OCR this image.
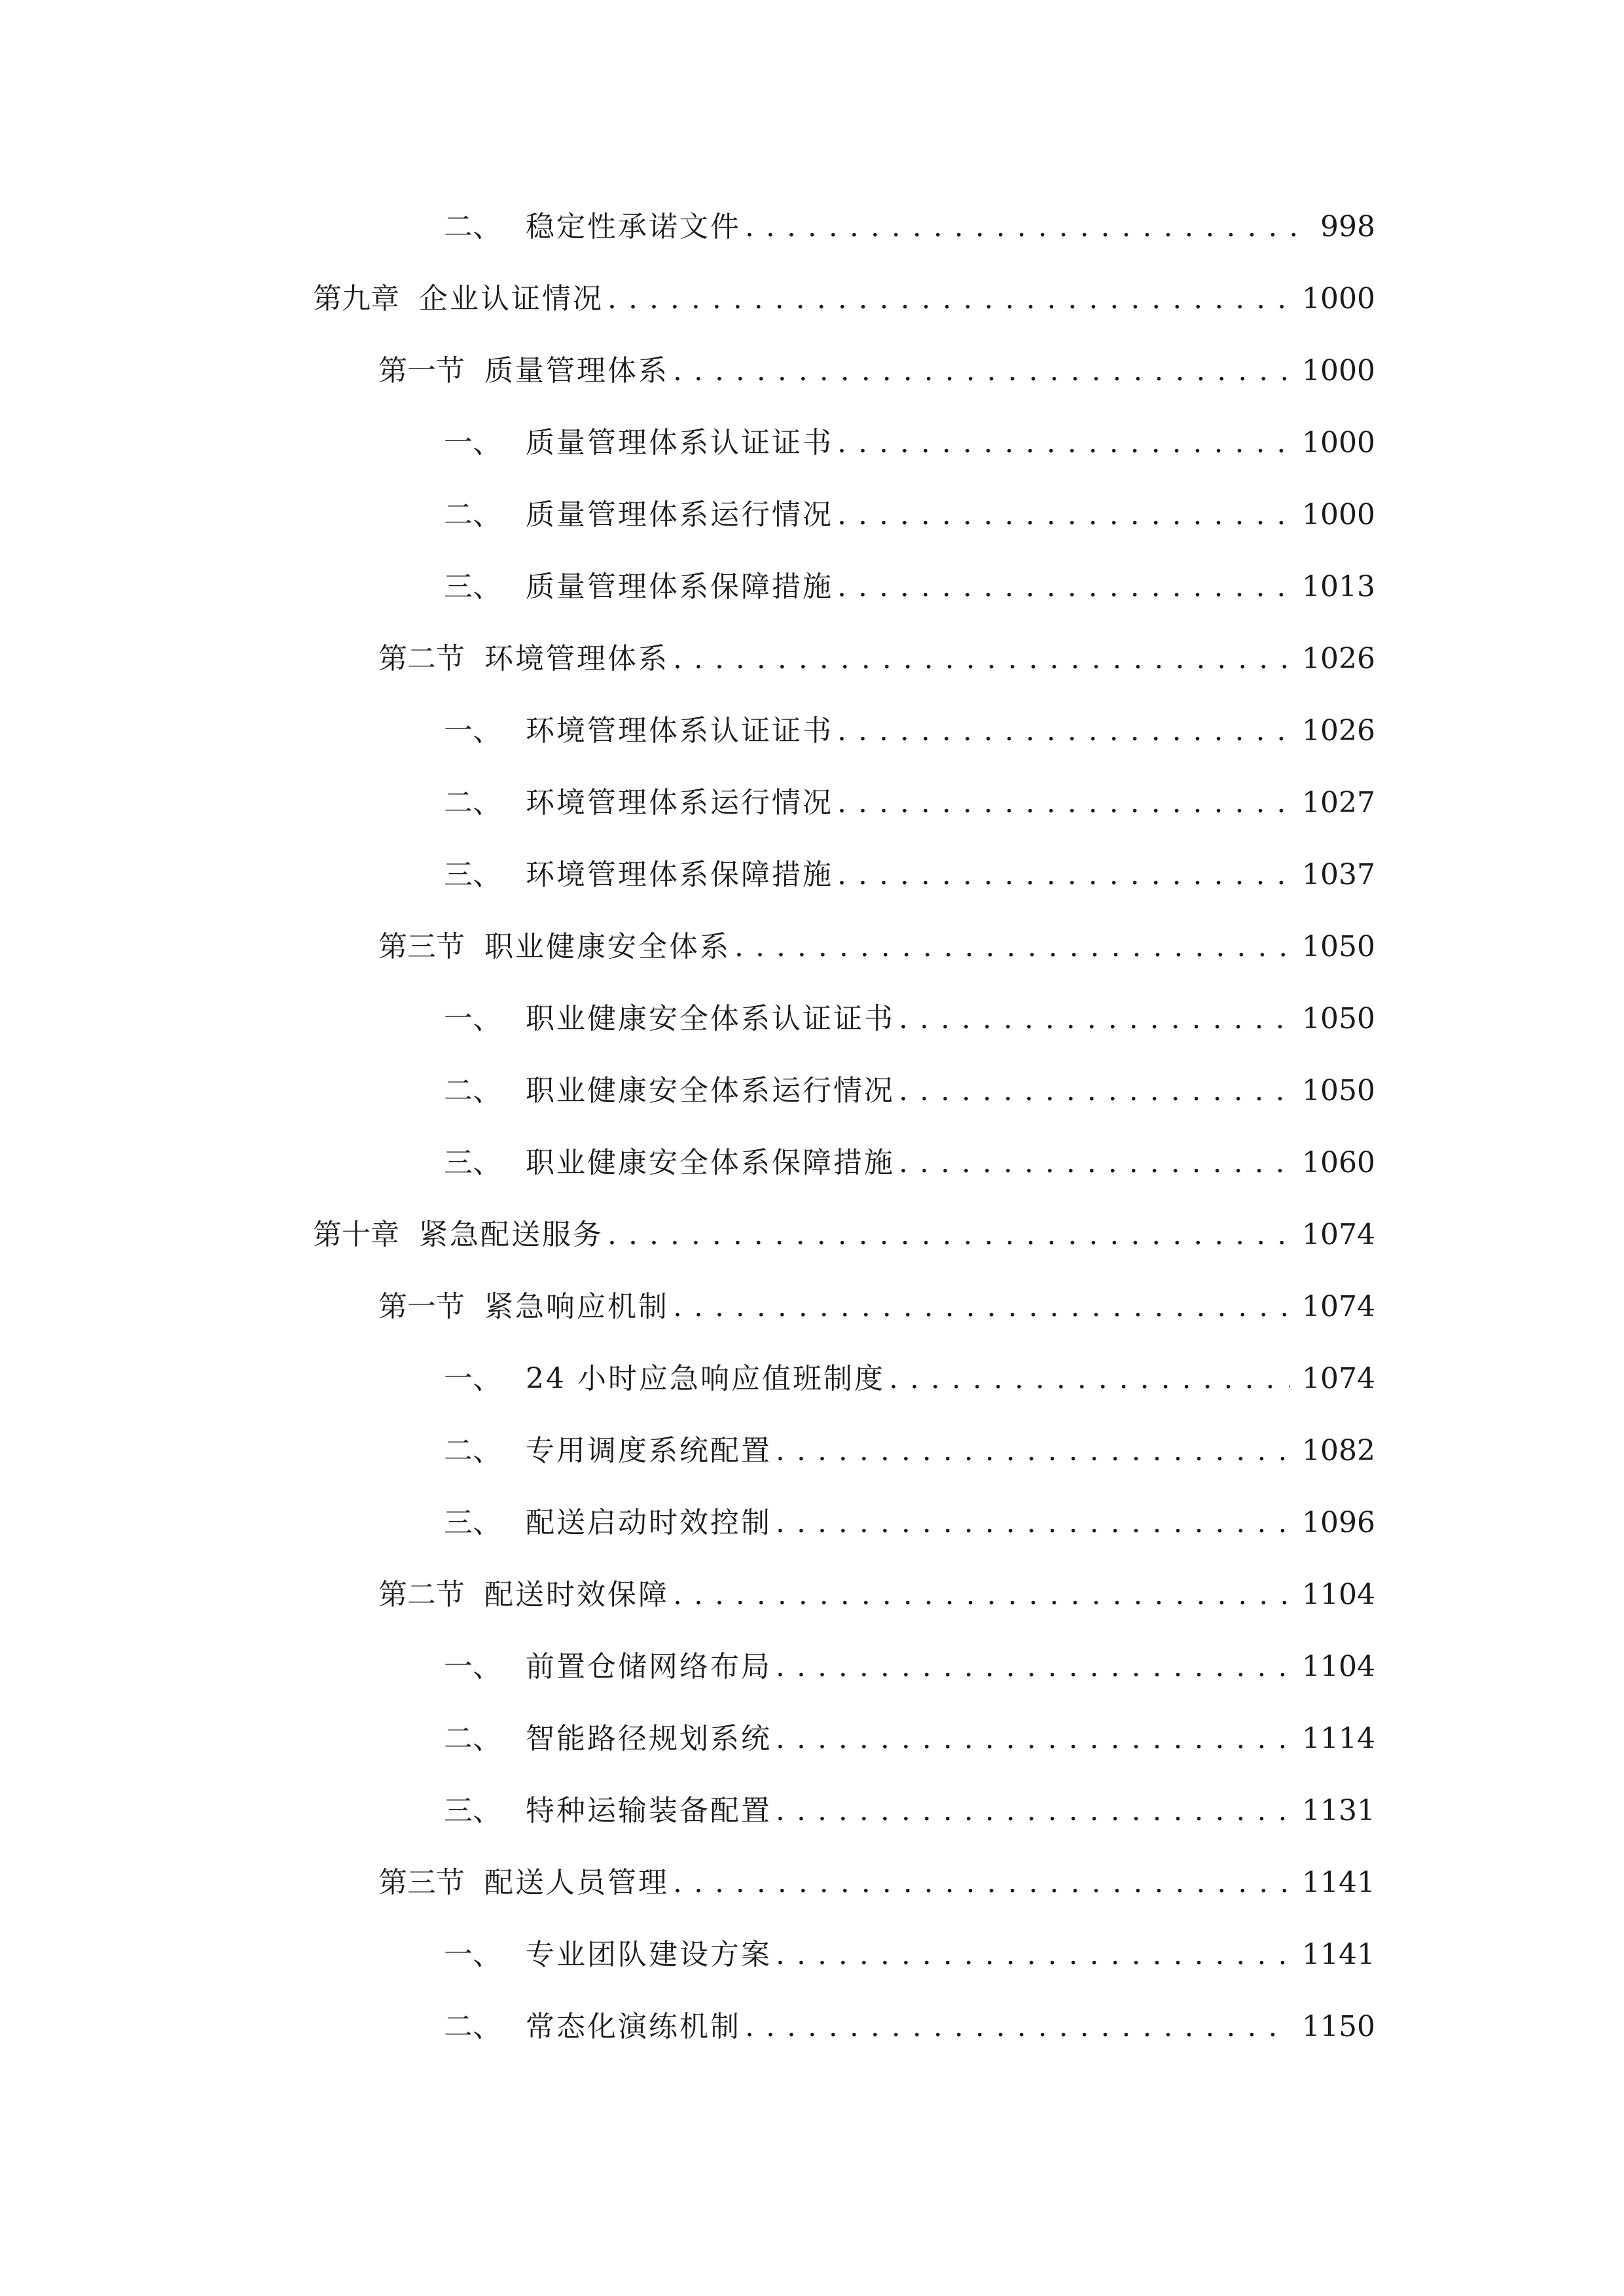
二、 稳定性承诺文件 . . .	998
第九章 企业认证情况 . . .	1000
第一节 质量管理体系 . . .	1000
一、 质量管理体系认证证书 . . .	1000
二、 质量管理体系运行情况 . . .	1000
三、 质量管理体系保障措施 . . .	1013
第二节 环境管理体系 . . .	1026
一、 环境管理体系认证证书 . . .	1026
二、 环境管理体系运行情况 . . .	1027
三、 环境管理体系保障措施 . . .	1037
第三节 职业健康安全体系 . . .	1050
一、 职业健康安全体系认证证书 . . .	1050
二、 职业健康安全体系运行情况 . . .	1050
三、 职业健康安全体系保障措施 . . .	1060
第十章 紧急配送服务 . . .	1074
第一节 紧急响应机制 . . .	1074
一、 24 小时应急响应值班制度 . . .	1074
二、 专用调度系统配置 . . .	1082
三、 配送启动时效控制 . . .	1096
第二节 配送时效保障 . . .	1104
一、 前置仓储网络布局 . . .	1104
二、 智能路径规划系统 . . .	1114
三、 特种运输装备配置 . . .	1131
第三节 配送人员管理 . . .	1141
一、 专业团队建设方案 . . .	1141
二、 常态化演练机制 . . .	1150
